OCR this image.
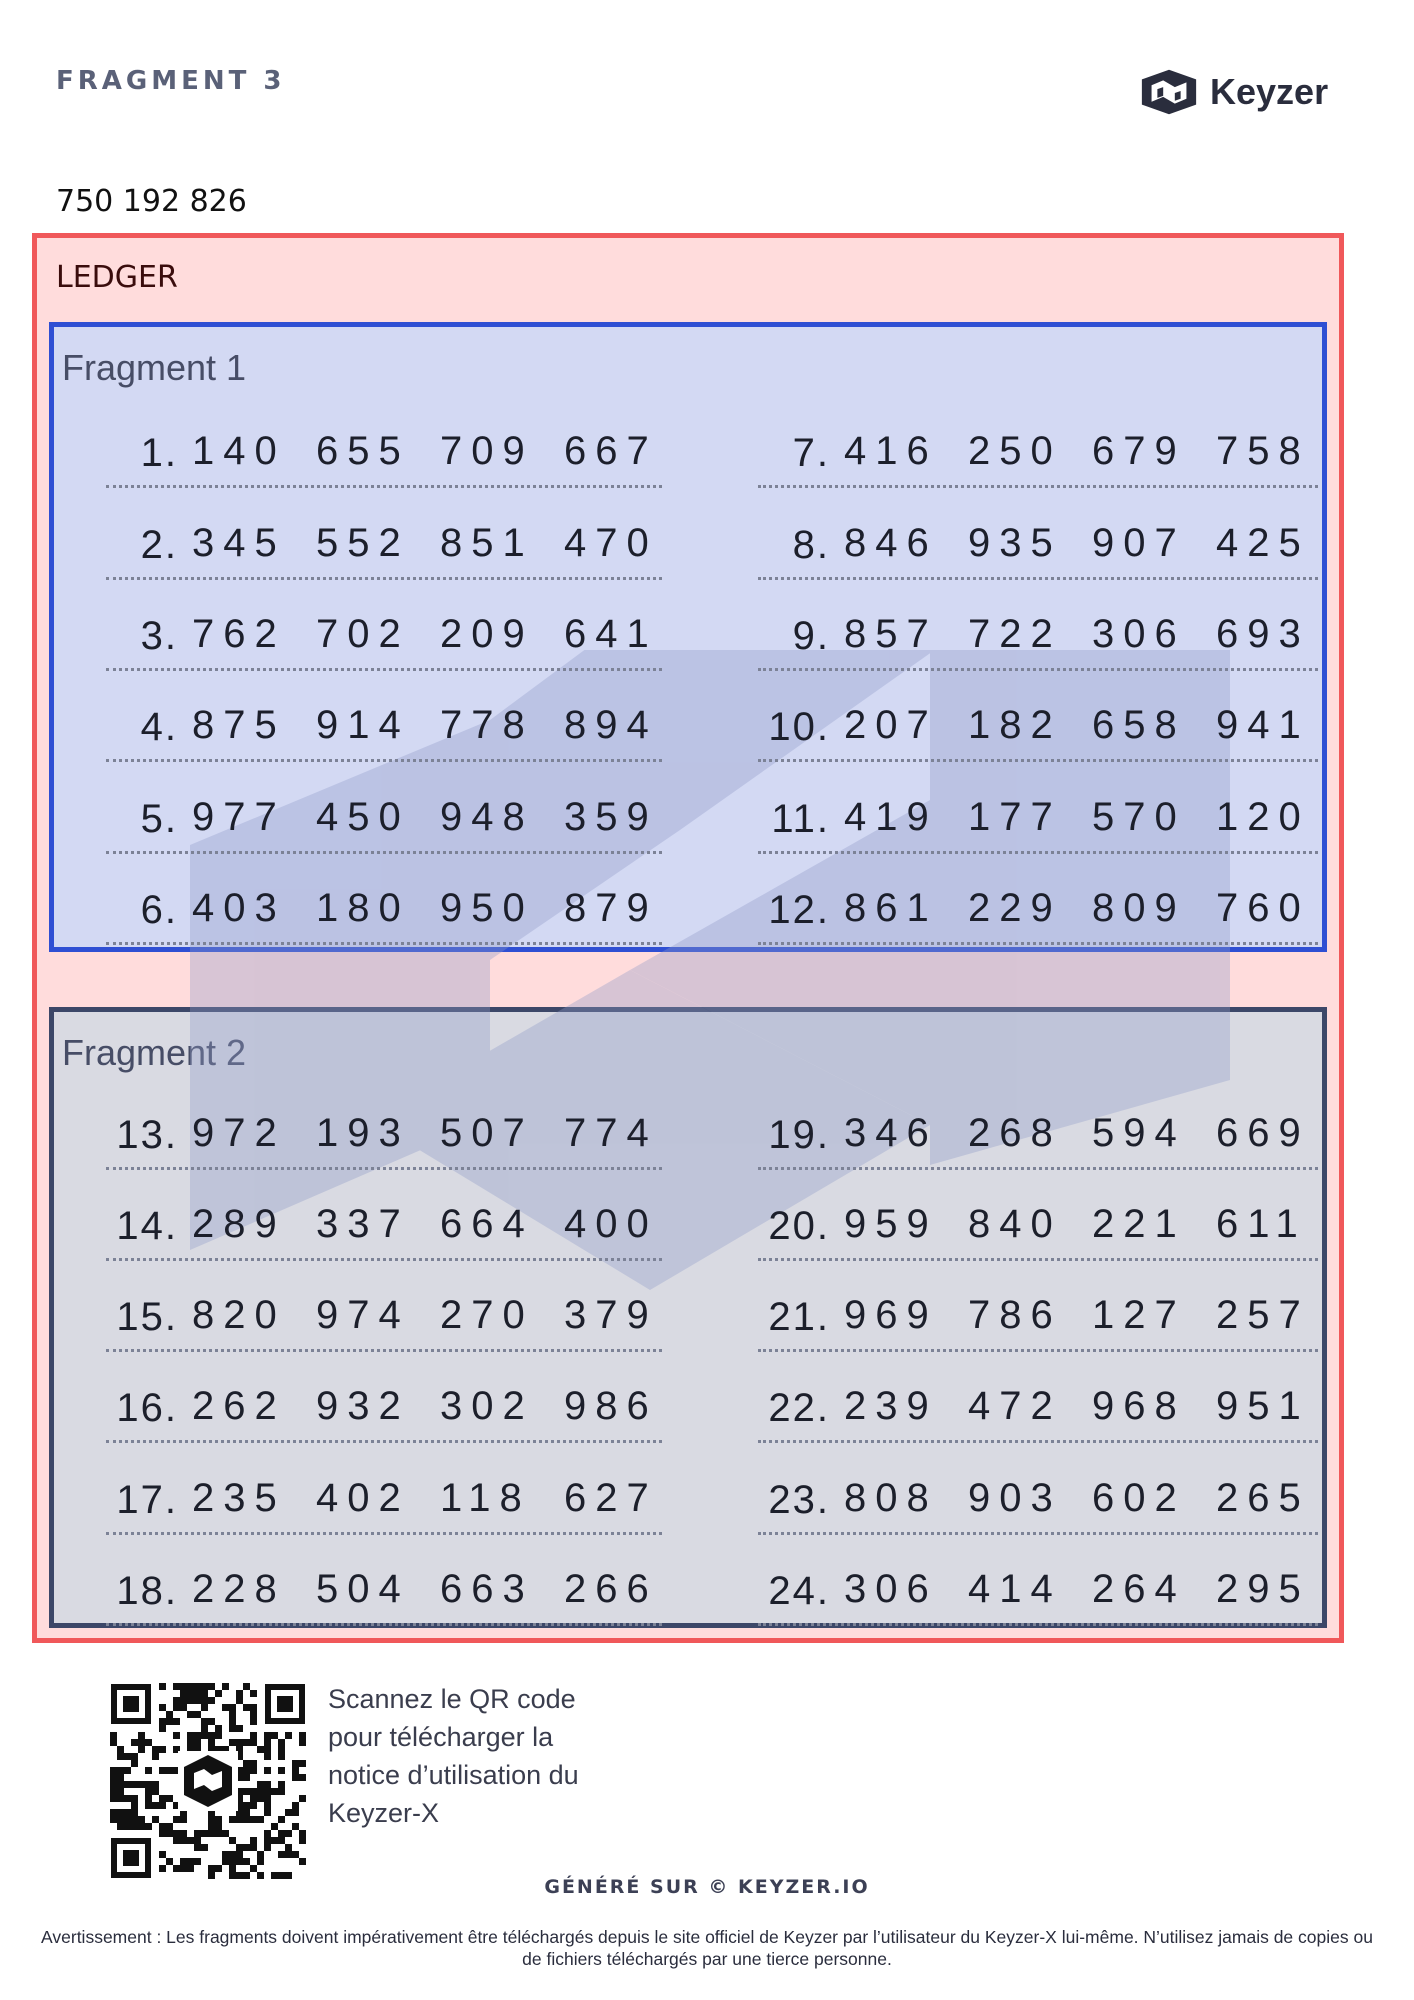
FRAGMENT 3	Keyzer
750 192 826
LEDGER
Fragment 1
Fragment 2
1. 140 655 709 667
2. 345 552 851 470
3. 762 702 209 641
4. 875 914 778 894
5. 977 450 948 359
6. 403 180 950 879
7. 416 250 679 758
8. 846 935 907 425
9. 857 722 306 693
10. 207 182 658 941
11. 419 177 570 120
12. 861 229 809 760
13. 972 193 507 774
14. 289 337 664 400
15. 820 974 270 379
16. 262 932 302 986
17. 235 402 118 627
18. 228 504 663 266
19. 346 268 594 669
20. 959 840 221 611
21. 969 786 127 257
22. 239 472 968 951
23. 808 903 602 265
24. 306 414 264 295
Scannez le QR code
pour télécharger la
notice d’utilisation du
Keyzer-X
GÉNÉRÉ SUR © KEYZER.IO
Avertissement : Les fragments doivent impérativement être téléchargés depuis le site officiel de Keyzer par l’utilisateur du Keyzer-X lui-même. N’utilisez jamais de copies ou de fichiers téléchargés par une tierce personne.
